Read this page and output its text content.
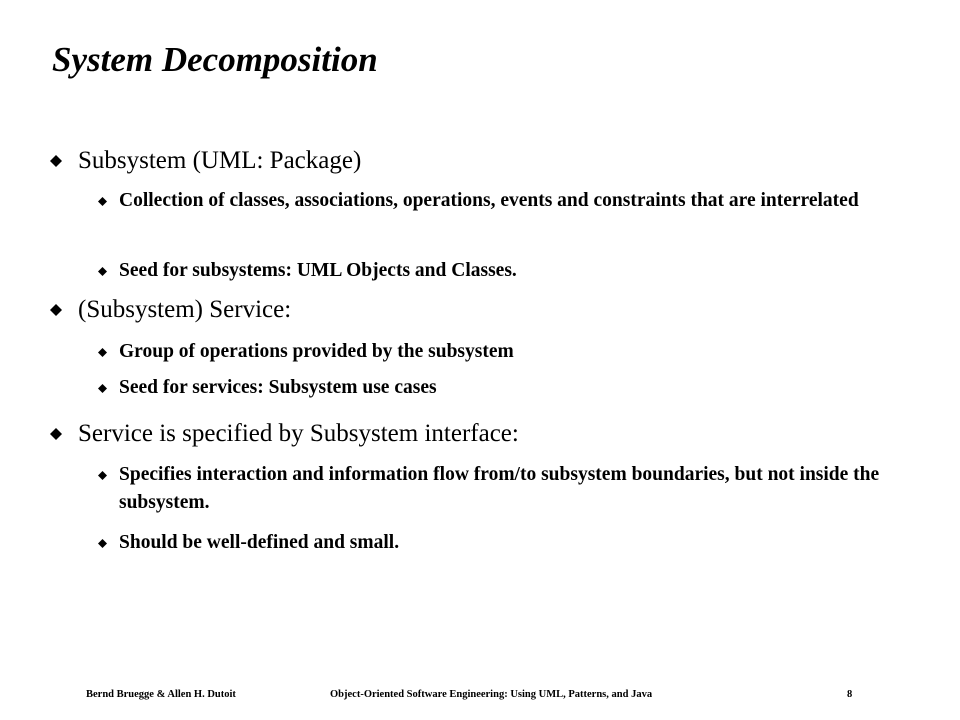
System Decomposition
Subsystem (UML: Package)
Collection of classes, associations, operations, events and constraints that are interrelated
Seed for subsystems: UML Objects and Classes.
(Subsystem) Service:
Group of operations provided by the subsystem
Seed for services: Subsystem use cases
Service is specified by Subsystem interface:
Specifies interaction and information flow from/to subsystem boundaries, but not inside the subsystem.
Should be well-defined and small.
Bernd Bruegge & Allen H. Dutoit	Object-Oriented Software Engineering: Using UML, Patterns, and Java	8
